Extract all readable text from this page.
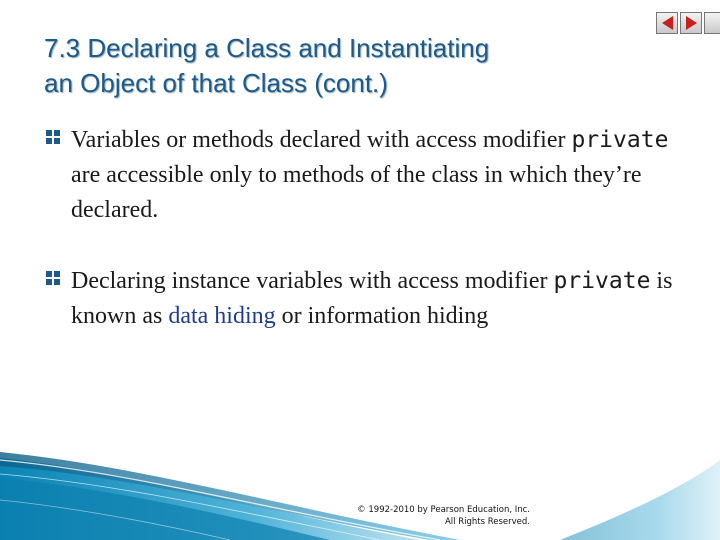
7.3 Declaring a Class and Instantiating
an Object of that Class (cont.)
Variables or methods declared with access modifier private are accessible only to methods of the class in which they’re declared.
Declaring instance variables with access modifier private is known as data hiding or information hiding
© 1992-2010 by Pearson Education, Inc.
All Rights Reserved.
